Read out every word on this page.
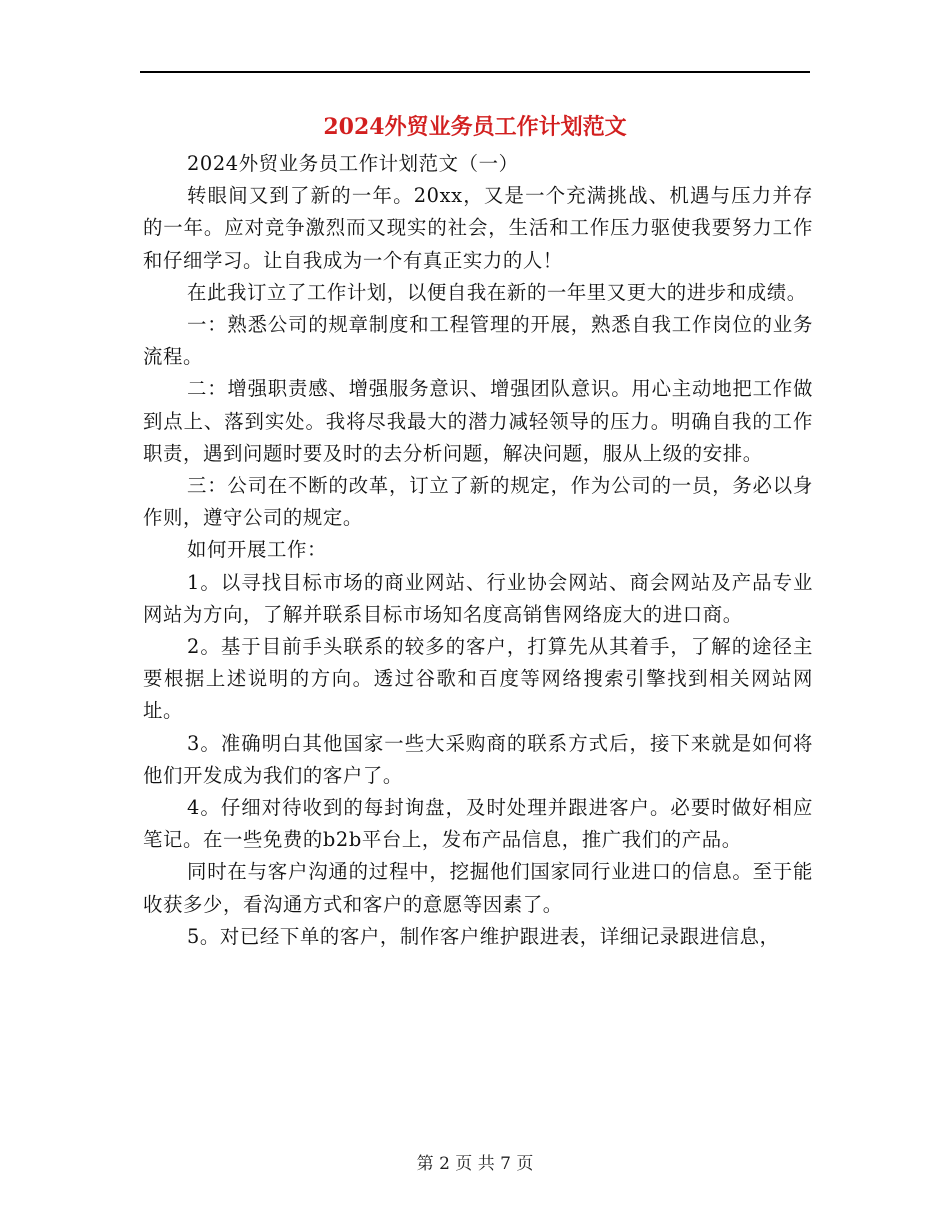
2024外贸业务员工作计划范文

2024外贸业务员工作计划范文（一）

转眼间又到了新的一年。20xx，又是一个充满挑战、机遇与压力并存的一年。应对竞争激烈而又现实的社会，生活和工作压力驱使我要努力工作和仔细学习。让自我成为一个有真正实力的人！

在此我订立了工作计划，以便自我在新的一年里又更大的进步和成绩。

一：熟悉公司的规章制度和工程管理的开展，熟悉自我工作岗位的业务流程。

二：增强职责感、增强服务意识、增强团队意识。用心主动地把工作做到点上、落到实处。我将尽我最大的潜力减轻领导的压力。明确自我的工作职责，遇到问题时要及时的去分析问题，解决问题，服从上级的安排。

三：公司在不断的改革，订立了新的规定，作为公司的一员，务必以身作则，遵守公司的规定。

如何开展工作：

1。以寻找目标市场的商业网站、行业协会网站、商会网站及产品专业网站为方向，了解并联系目标市场知名度高销售网络庞大的进口商。

2。基于目前手头联系的较多的客户，打算先从其着手，了解的途径主要根据上述说明的方向。透过谷歌和百度等网络搜索引擎找到相关网站网址。

3。准确明白其他国家一些大采购商的联系方式后，接下来就是如何将他们开发成为我们的客户了。

4。仔细对待收到的每封询盘，及时处理并跟进客户。必要时做好相应笔记。在一些免费的b2b平台上，发布产品信息，推广我们的产品。

同时在与客户沟通的过程中，挖掘他们国家同行业进口的信息。至于能收获多少，看沟通方式和客户的意愿等因素了。

5。对已经下单的客户，制作客户维护跟进表，详细记录跟进信息，

第 2 页 共 7 页
